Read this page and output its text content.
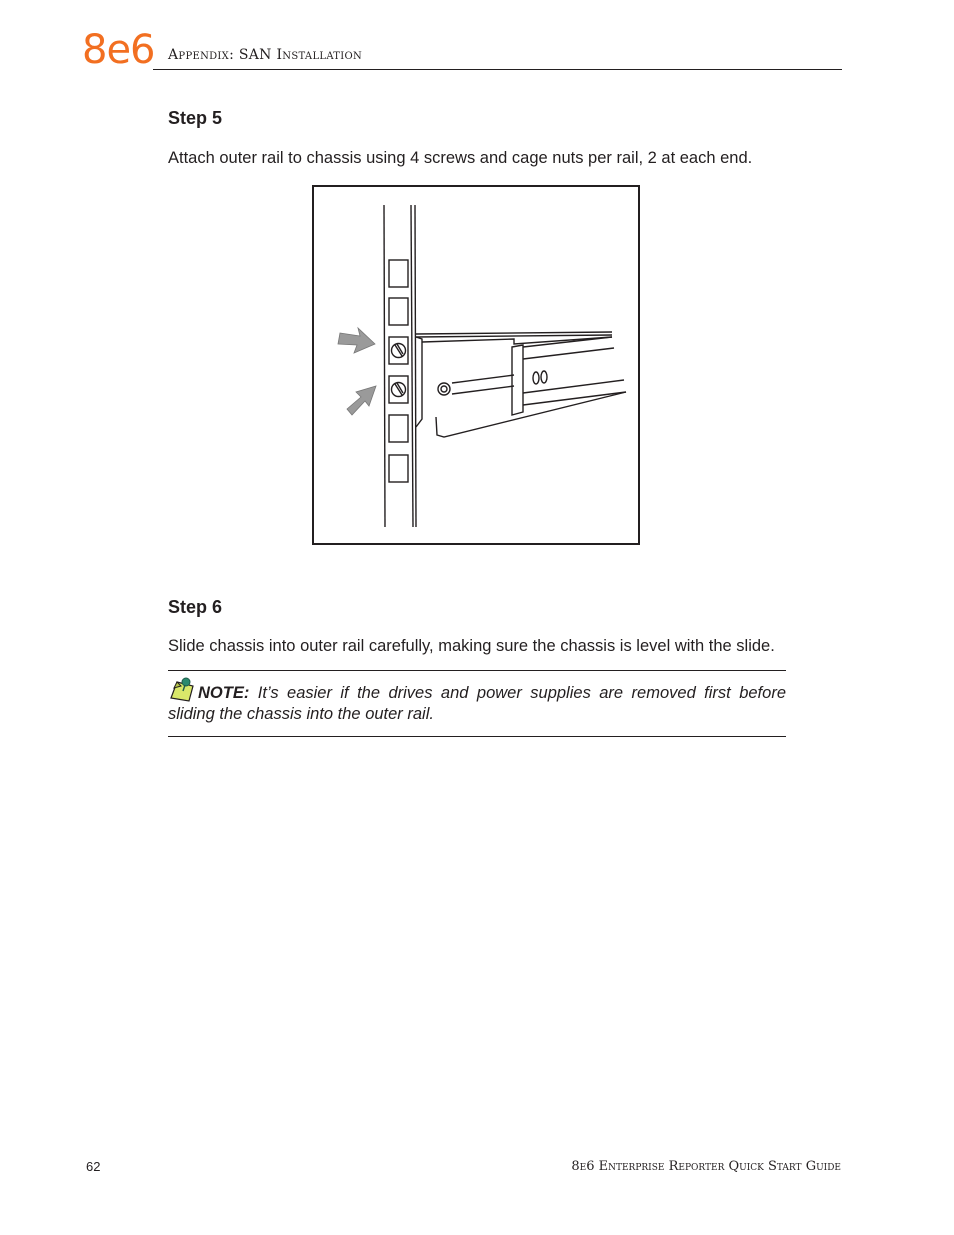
8e6 Appendix: SAN Installation
Step 5
Attach outer rail to chassis using 4 screws and cage nuts per rail, 2 at each end.
Step 6
Slide chassis into outer rail carefully, making sure the chassis is level with the slide.
NOTE: It’s easier if the drives and power supplies are removed first before sliding the chassis into the outer rail.
62	8e6 Enterprise Reporter Quick Start Guide
